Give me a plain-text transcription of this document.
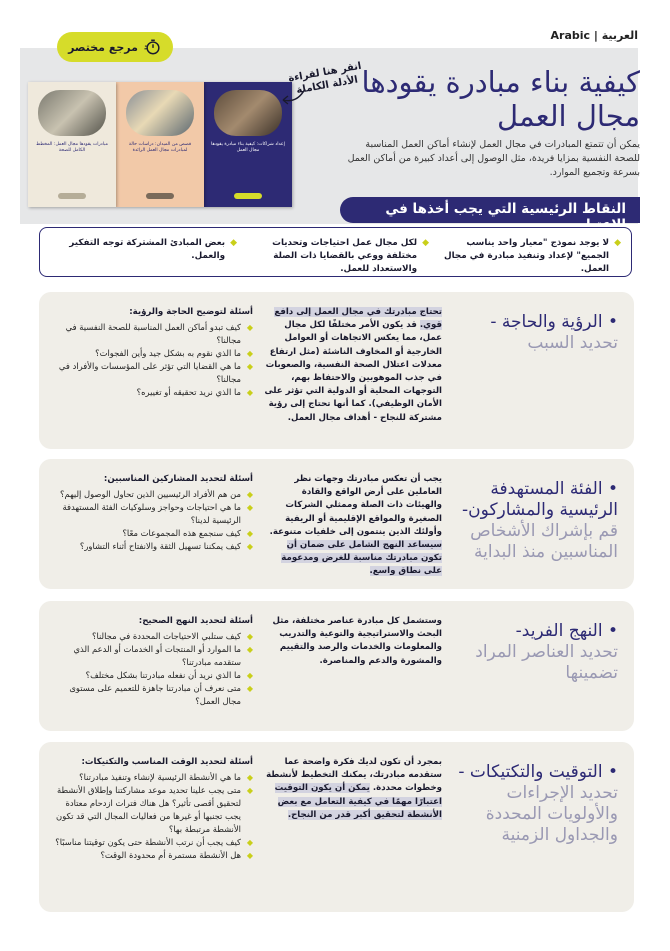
Arabic | العربية
مرجع مختصر
كيفية بناء مبادرة يقودها مجال العمل

يمكن أن تتمتع المبادرات في مجال العمل لإنشاء أماكن العمل المناسبة للصحة النفسية بمزايا فريدة، مثل الوصول إلى أعداد كبيرة من أماكن العمل بسرعة وتجميع الموارد.

إعداد شراكات: كيفية بناء مبادرة يقودها مجال العمل
قصص من الميدان: دراسات حالة لمبادرات مجال العمل الرائدة
مبادرات يقودها مجال العمل: المخطط الكامل للصحة
انقر هنا لقراءة الأدلة الكاملة
النقاط الرئيسية التي يجب أخذها في الاعتبار
◆
لا يوجد نموذج "معيار واحد يناسب الجميع" لإعداد وتنفيذ مبادرة في مجال العمل.
◆
لكل مجال عمل احتياجات وتحديات مختلفة ووعي بالقضايا ذات الصلة والاستعداد للعمل.
◆
بعض المبادئ المشتركة توجه التفكير والعمل.
• الرؤية والحاجة -
تحديد السبب

تحتاج مبادرتك في مجال العمل إلى دافع قوي. قد يكون الأمر مختلفًا لكل مجال عمل، مما يعكس الاتجاهات أو العوامل الخارجية أو المخاوف الناشئة (مثل ارتفاع معدلات اعتلال الصحة النفسية، والصعوبات في جذب الموهوبين والاحتفاظ بهم، التوجهات المحلية أو الدولية التي تؤثر على الأمان الوظيفي). كما أنها تحتاج إلى رؤية مشتركة للنجاح - أهداف مجال العمل.

أسئلة لتوضيح الحاجة والرؤية:
◆ كيف تبدو أماكن العمل المناسبة للصحة النفسية في مجالنا؟
◆ ما الذي نقوم به بشكل جيد وأين الفجوات؟
◆ ما هي القضايا التي تؤثر على المؤسسات والأفراد في مجالنا؟
◆ ما الذي نريد تحقيقه أو تغييره؟
• الفئة المستهدفة الرئيسية والمشاركون-
قم بإشراك الأشخاص المناسبين منذ البداية

يجب أن تعكس مبادرتك وجهات نظر العاملين على أرض الواقع والقادة والهيئات ذات الصلة وممثلي الشركات الصغيرة والمواقع الإقليمية أو الريفية وأولئك الذين ينتمون إلى خلفيات متنوعة. سيساعد النهج الشامل على ضمان أن تكون مبادرتك مناسبة للغرض ومدعومة على نطاق واسع.

أسئلة لتحديد المشاركين المناسبين:
◆ من هم الأفراد الرئيسيين الذين تحاول الوصول إليهم؟
◆ ما هي احتياجات وحواجز وسلوكيات الفئة المستهدفة الرئيسية لدينا؟
◆ كيف سنجمع هذه المجموعات معًا؟
◆ كيف يمكننا تسهيل الثقة والانفتاح أثناء التشاور؟
• النهج الفريد-
تحديد العناصر المراد تضمينها

وستشمل كل مبادرة عناصر مختلفة، مثل البحث والاستراتيجية والتوعية والتدريب والمعلومات والخدمات والرصد والتقييم والمشورة والدعم والمناصرة.

أسئلة لتحديد النهج الصحيح:
◆ كيف ستلبي الاحتياجات المحددة في مجالنا؟
◆ ما الموارد أو المنتجات أو الخدمات أو الدعم الذي ستقدمه مبادرتنا؟
◆ ما الذي نريد أن نفعله مبادرتنا بشكل مختلف؟
◆ متى نعرف أن مبادرتنا جاهزة للتعميم على مستوى مجال العمل؟
• التوقيت والتكتيكات -
تحديد الإجراءات والأولويات المحددة والجداول الزمنية

بمجرد أن تكون لديك فكرة واضحة عما ستقدمه مبادرتك، يمكنك التخطيط لأنشطة وخطوات محددة. يمكن أن يكون التوقيت اعتبارًا مهمًا في كيفية التعامل مع بعض الأنشطة لتحقيق أكبر قدر من النجاح.

أسئلة لتحديد الوقت المناسب والتكتيكات:
◆ ما هي الأنشطة الرئيسية لإنشاء وتنفيذ مبادرتنا؟
◆ متى يجب علينا تحديد موعد مشاركتنا وإطلاق الأنشطة لتحقيق أقصى تأثير؟ هل هناك فترات ازدحام معتادة يجب تجنبها أو غيرها من فعاليات المجال التي قد تكون الأنشطة مرتبطة بها؟
◆ كيف يجب أن نرتب الأنشطة حتى يكون توقيتنا مناسبًا؟
◆ هل الأنشطة مستمرة أم محدودة الوقت؟
